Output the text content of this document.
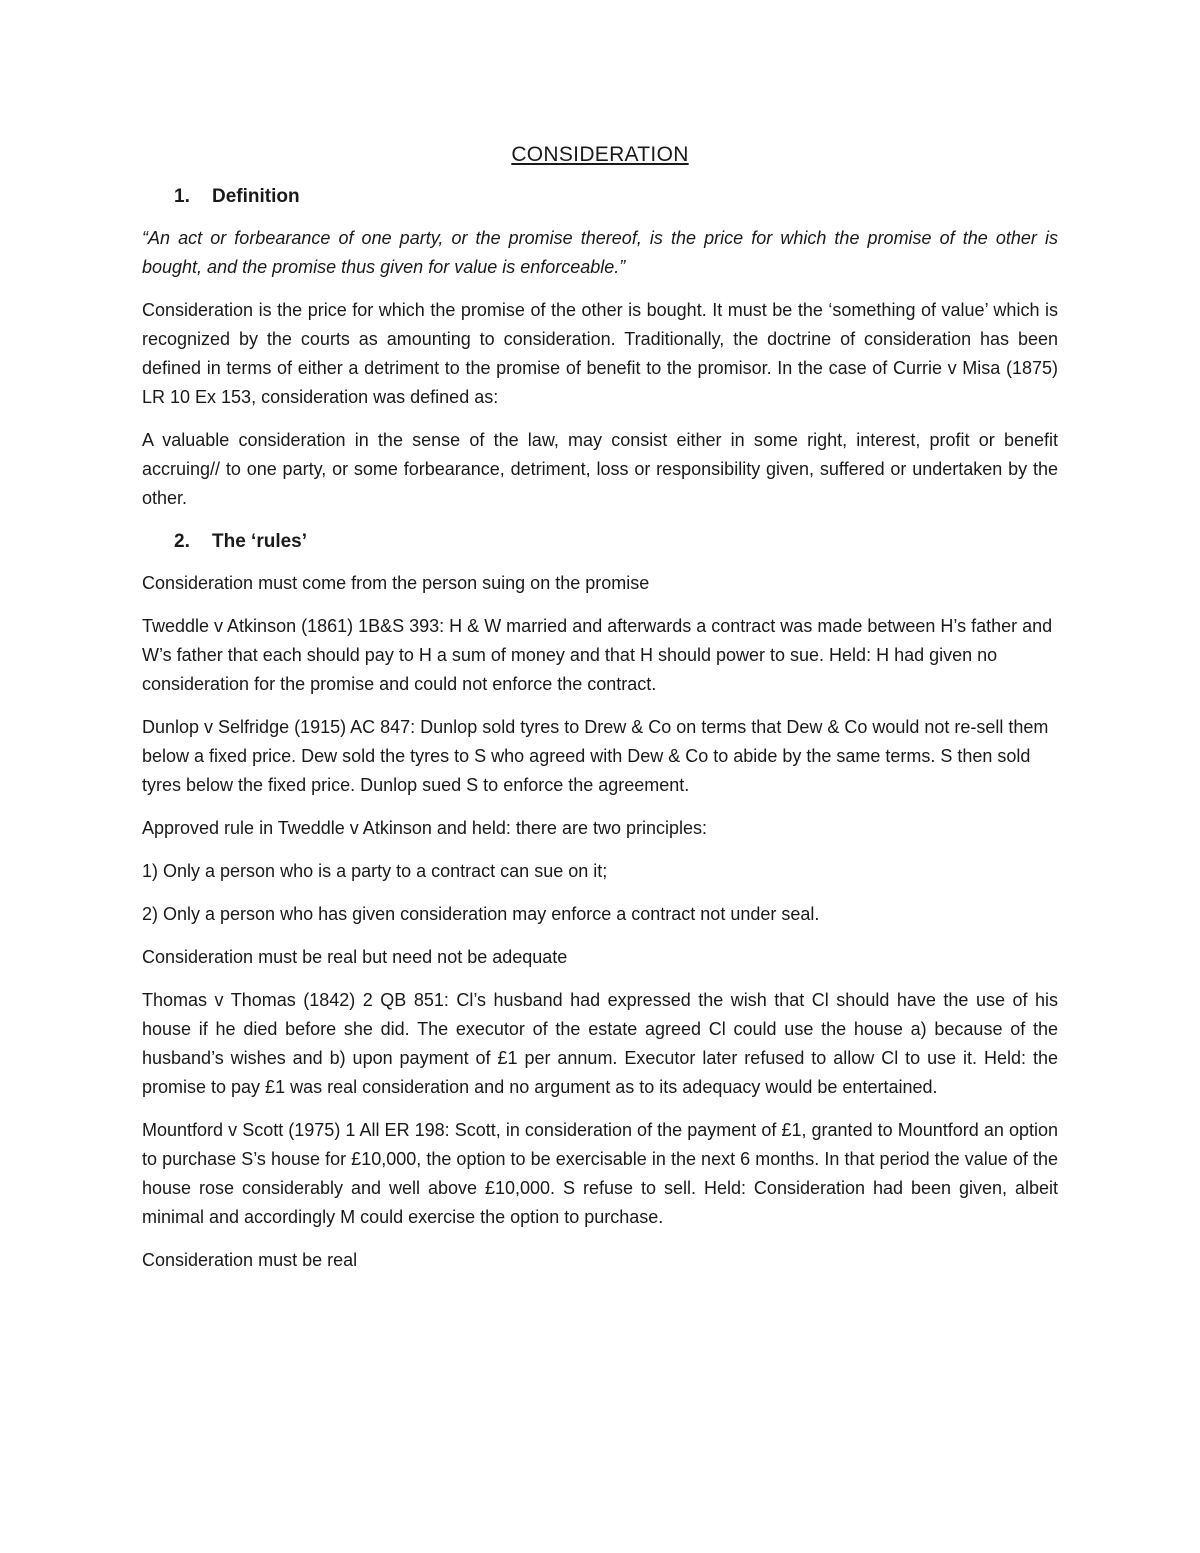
CONSIDERATION
1. Definition

“An act or forbearance of one party, or the promise thereof, is the price for which the promise of the other is bought, and the promise thus given for value is enforceable.”

Consideration is the price for which the promise of the other is bought. It must be the ‘something of value’ which is recognized by the courts as amounting to consideration. Traditionally, the doctrine of consideration has been defined in terms of either a detriment to the promise of benefit to the promisor. In the case of Currie v Misa (1875) LR 10 Ex 153, consideration was defined as:

A valuable consideration in the sense of the law, may consist either in some right, interest, profit or benefit accruing// to one party, or some forbearance, detriment, loss or responsibility given, suffered or undertaken by the other.

2. The ‘rules’

Consideration must come from the person suing on the promise

Tweddle v Atkinson (1861) 1B&S 393: H & W married and afterwards a contract was made between H’s father and W’s father that each should pay to H a sum of money and that H should power to sue. Held: H had given no consideration for the promise and could not enforce the contract.

Dunlop v Selfridge (1915) AC 847: Dunlop sold tyres to Drew & Co on terms that Dew & Co would not re-sell them below a fixed price. Dew sold the tyres to S who agreed with Dew & Co to abide by the same terms. S then sold tyres below the fixed price. Dunlop sued S to enforce the agreement.

Approved rule in Tweddle v Atkinson and held: there are two principles:

1) Only a person who is a party to a contract can sue on it;

2) Only a person who has given consideration may enforce a contract not under seal.

Consideration must be real but need not be adequate

Thomas v Thomas (1842) 2 QB 851: Cl’s husband had expressed the wish that Cl should have the use of his house if he died before she did. The executor of the estate agreed Cl could use the house a) because of the husband’s wishes and b) upon payment of £1 per annum. Executor later refused to allow Cl to use it. Held: the promise to pay £1 was real consideration and no argument as to its adequacy would be entertained.

Mountford v Scott (1975) 1 All ER 198: Scott, in consideration of the payment of £1, granted to Mountford an option to purchase S’s house for £10,000, the option to be exercisable in the next 6 months. In that period the value of the house rose considerably and well above £10,000. S refuse to sell. Held: Consideration had been given, albeit minimal and accordingly M could exercise the option to purchase.

Consideration must be real
